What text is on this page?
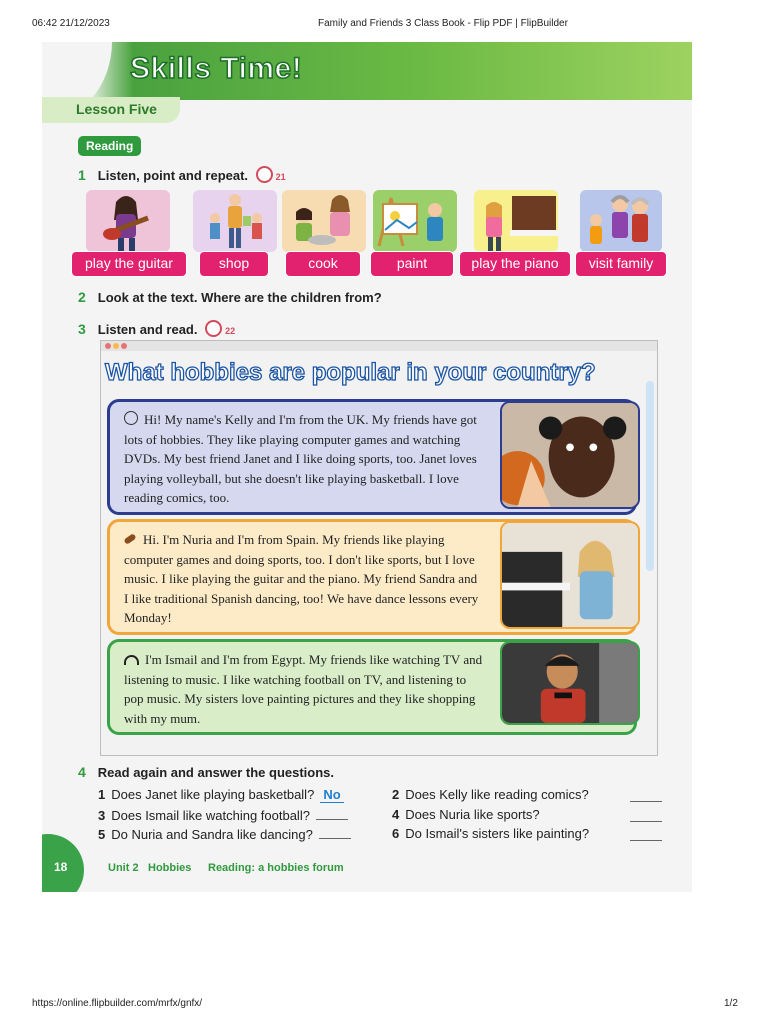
06:42 21/12/2023	Family and Friends 3 Class Book - Flip PDF | FlipBuilder
https://online.flipbuilder.com/mrfx/gnfx/	1/2
Skills Time!
Lesson Five
Reading
1 Listen, point and repeat.	21
play the guitar	shop	cook	paint	play the piano	visit family
2 Look at the text. Where are the children from?
3 Listen and read.	22
What hobbies are popular in your country?
Hi! My name's Kelly and I'm from the UK. My friends have got lots of hobbies. They like playing computer games and watching DVDs. My best friend Janet and I like doing sports, too. Janet loves playing volleyball, but she doesn't like playing basketball. I love reading comics, too.
Hi. I'm Nuria and I'm from Spain. My friends like playing computer games and doing sports, too. I don't like sports, but I love music. I like playing the guitar and the piano. My friend Sandra and I like traditional Spanish dancing, too! We have dance lessons every Monday!
I'm Ismail and I'm from Egypt. My friends like watching TV and listening to music. I like watching football on TV, and listening to pop music. My sisters love painting pictures and they like shopping with my mum.
4 Read again and answer the questions.
1 Does Janet like playing basketball? No	2 Does Kelly like reading comics?
3 Does Ismail like watching football?	4 Does Nuria like sports?
5 Do Nuria and Sandra like dancing?	6 Do Ismail's sisters like painting?
18	Unit 2 Hobbies Reading: a hobbies forum
